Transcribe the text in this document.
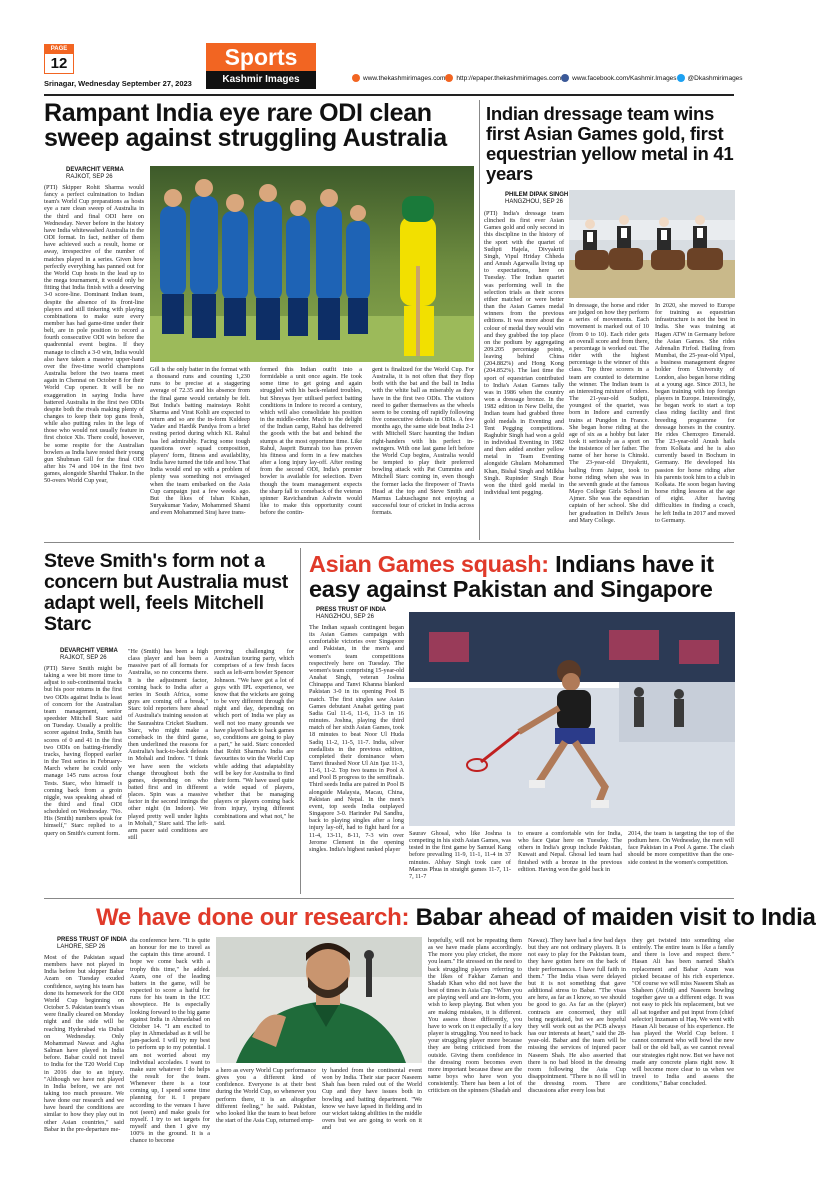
PAGE
12
Srinagar, Wednesday September 27, 2023
Sports
Kashmir Images	www.thekashmirimages.com http://epaper.thekashmirimages.com www.facebook.com/Kashmir.Images @Dkashmirimages
Rampant India eye rare ODI clean sweep against struggling Australia
DEVARCHIT VERMA
RAJKOT, SEP 26
(PTI) Skipper Rohit Sharma would fancy a perfect culmination to Indian team's World Cup preparations as hosts eye a rare clean sweep of Australia in the third and final ODI here on Wednesday. Never before in the history have India whitewashed Australia in the ODI format. In fact, neither of them have achieved such a result, home or away, irrespective of the number of matches played in a series. Given how perfectly everything has panned out for the World Cup hosts in the lead up to the mega tournament, it would only be fitting that India finish with a deserving 3-0 score-line. Dominant Indian team, despite the absence of its front-line players and still tinkering with playing combinations to make sure every member has had game-time under their belt, are in pole position to record a fourth consecutive ODI win before the quadrennial event begins. If they manage to clinch a 3-0 win, India would also have taken a massive upper-hand over the five-time world champions Australia before the two teams meet again in Chennai on October 8 for their World Cup opener. It will be no exaggeration in saying India have battered Australia in the first two ODIs despite both the rivals making plenty of changes to keep their top guns fresh, while also putting rules in the legs of those who would not usually feature in first choice XIs. There could, however, be some respite for the Australian bowlers as India have rested their young gun Shubman Gill for the final ODI after his 74 and 104 in the first two games, alongside Shardul Thakur. In the 50-overs World Cup year,
Gill is the only batter in the format with a thousand runs and counting 1,230 runs to be precise at a staggering average of 72.35 and his absence from the final game would certainly be felt. But India's batting mainstays Rohit Sharma and Virat Kohli are expected to return and so are the in-form Kuldeep Yadav and Hardik Pandya from a brief resting period during which KL Rahul has led admirably. Facing some tough questions over squad composition, players' form, fitness and availability, India have turned the tide and how. That India would end up with a problem of plenty was something not envisaged when the team embarked on the Asia Cup campaign just a few weeks ago. But the likes of Ishan Kishan, Suryakumar Yadav, Mohammed Shami and even Mohammed Siraj have trans-
formed this Indian outfit into a formidable a unit once again. He took some time to get going and again struggled with his back-related troubles, but Shreyas Iyer utilised perfect batting conditions in Indore to record a century, which will also consolidate his position in the middle-order. Much to the delight of the Indian camp, Rahul has delivered the goods with the bat and behind the stumps at the most opportune time. Like Rahul, Jasprit Bumrah too has proven his fitness and form in a few matches after a long injury lay-off. After resting from the second ODI, India's premier bowler is available for selection. Even though the team management expects the sharp fall to comeback of the veteran spinner Ravichandran Ashwin would like to make this opportunity count before the contin-
gent is finalized for the World Cup. For Australia, it is not often that they flop both with the bat and the ball in India with the white ball as miserably as they have in the first two ODIs. The visitors need to gather themselves as the wheels seem to be coming off rapidly following five consecutive defeats in ODIs. A few months ago, the same side beat India 2-1 with Mitchell Starc haunting the Indian right-handers with his perfect in-swingers. With one last game left before the World Cup begins, Australia would be tempted to play their preferred bowling attack with Pat Cummins and Mitchell Starc coming in, even though the former lacks the firepower of Travis Head at the top and Steve Smith and Marnus Labuschagne not enjoying a successful tour of cricket in India across formats.
Indian dressage team wins first Asian Games gold, first equestrian yellow metal in 41 years
PHILEM DIPAK SINGH
HANGZHOU, SEP 26
(PTI) India's dressage team clinched its first ever Asian Games gold and only second in this discipline in the history of the sport with the quartet of Sudipti Hajela, Divyakriti Singh, Vipul Hriday Chheda and Anush Agarwalla living up to expectations, here on Tuesday. The Indian quartet was performing well in the selection trials as their scores either matched or were better than the Asian Games medal winners from the previous editions. It was more about the colour of medal they would win and they grabbed the top place on the podium by aggregating 209.205 percentage points, leaving behind China (204.882%) and Hong Kong (204.852%). The last time the sport of equestrian contributed to India's Asian Games tally was in 1986 when the country won a dressage bronze. In the 1982 edition in New Delhi, the Indian team had grabbed three gold medals in Eventing and Tent Pegging competitions. Raghubir Singh had won a gold in individual Eventing in 1982 and then added another yellow metal in Team Eventing alongside Ghulam Mohammed Khan, Bishal Singh and Milkha Singh. Rupinder Singh Brar won the third gold medal in individual tent pegging.
In dressage, the horse and rider are judged on how they perform a series of movements. Each movement is marked out of 10 (from 0 to 10). Each rider gets an overall score and from there, a percentage is worked out. The rider with the highest percentage is the winner of this class. Top three scorers in a team are counted to determine the winner. The Indian team is an interesting mixture of riders. The 21-year-old Sudipti, youngest of the quartet, was born in Indore and currently trains at Pungdon in France. She began horse riding at the age of six as a hobby but later took it seriously as a sport on the insistence of her father. The name of her horse is Chinski. The 23-year-old Divyakriti, hailing from Jaipur, took to horse riding when she was in the seventh grade at the famous Mayo College Girls School in Ajmer. She was the equestrian captain of her school. She did her graduation in Delhi's Jesus and Mary College.
In 2020, she moved to Europe for training as equestrian infrastructure is not the best in India. She was training at Hagen ATW in Germany before the Asian Games. She rides Adrenalin Firfod. Hailing from Mumbai, the 25-year-old Vipul, a business management degree holder from University of London, also began horse riding at a young age. Since 2013, he began training with top foreign players in Europe. Interestingly, he began work to start a top class riding facility and first breeding programme for dressage horses in the country. He rides Chemxpro Emerald. The 23-year-old Anush hails from Kolkata and he is also currently based in Bochum in Germany. He developed his passion for horse riding after his parents took him to a club in Kolkata. He soon began having horse riding lessons at the age of eight. After having difficulties in finding a coach, he left India in 2017 and moved to Germany.
Steve Smith's form not a concern but Australia must adapt well, feels Mitchell Starc
DEVARCHIT VERMA
RAJKOT, SEP 26
(PTI) Steve Smith might be taking a wee bit more time to adjust to sub-continental tracks but his poor returns in the first two ODIs against India is least of concern for the Australian team management, senior speedster Mitchell Starc said on Tuesday. Usually a prolific scorer against India, Smith has scores of 0 and 41 in the first two ODIs on batting-friendly tracks, having flopped earlier in the Test series in February-March where he could only manage 145 runs across four Tests. Starc, who himself is coming back from a groin niggle, was speaking ahead of the third and final ODI scheduled on Wednesday. "No. His (Smith) numbers speak for himself," Starc replied to a query on Smith's current form.
"He (Smith) has been a high class player and has been a massive part of all formats for Australia, so no concerns there. It is the adjustment factor, coming back to India after a series in South Africa, some guys are coming off a break," Starc told reporters here ahead of Australia's training session at the Saurashtra Cricket Stadium. Starc, who might make a comeback in the third game, then underlined the reasons for Australia's back-to-back defeats in Mohali and Indore. "I think we have seen the wickets change throughout both the games, depending on who batted first and in different places. Spin was a massive factor in the second innings the other night (in Indore). We played pretty well under lights in Mohali," Starc said. The left-arm pacer said conditions are still
proving challenging for Australian touring party, which comprises of a few fresh faces such as left-arm bowler Spencer Johnson. "We have got a lot of guys with IPL experience, we know that the wickets are going to be very different through the night and day, depending on which port of India we play as well not too many grounds we have played back to back games so, conditions are going to play a part," he said. Starc conceded that Rohit Sharma's India are favourites to win the World Cup while adding that adaptability will be key for Australia to find their form. "We have used quite a wide squad of players, whether that be managing players or players coming back from injury, trying different combinations and what not," he said.
Asian Games squash: Indians have it easy against Pakistan and Singapore
PRESS TRUST OF INDIA
HANGZHOU, SEP 26
The Indian squash contingent began its Asian Games campaign with comfortable victories over Singapore and Pakistan, in the men's and women's team competitions respectively here on Tuesday. The women's team comprising 15-year-old Anahat Singh, veteran Joshna Chinappa and Tanvi Khanna blanked Pakistan 3-0 in its opening Pool B match. The first singles saw Asian Games debutant Anahat getting past Sadia Gul 11-6, 11-6, 11-3 in 16 minutes. Joshna, playing the third match of her sixth Asian Games, took 18 minutes to beat Noor Ul Huda Sadiq 11-2, 11-5, 11-7. India, silver medallists in the previous edition, completed their dominance when Tanvi thrashed Noor Ul Ain Ijaz 11-3, 11-6, 11-2. Top two teams in Pool A and Pool B progress to the semifinals. Third seeds India are paired in Pool B alongside Malaysia, Macau, China, Pakistan and Nepal. In the men's event, top seeds India outplayed Singapore 3-0. Harinder Pal Sandhu, back to playing singles after a long injury lay-off, had to fight hard for a 11-4, 13-11, 8-11, 7-3 win over Jerome Clement in the opening singles. India's highest ranked player
Saurav Ghosal, who like Joshna is competing in his sixth Asian Games, was tested in the first game by Samuel Kang before prevailing 11-9, 11-1, 11-4 in 37 minutes. Abhay Singh took care of Marcus Phua in straight games 11-7, 11-7, 11-7
to ensure a comfortable win for India, who face Qatar here on Tuesday. The others in India's group include Pakistan, Kuwait and Nepal. Ghosal led team had finished with a bronze in the previous edition. Having won the gold back in
2014, the team is targeting the top of the podium here. On Wednesday, the men will face Pakistan in a Pool A game. The clash should be more competitive than the one-side contest in the women's competition.
We have done our research: Babar ahead of maiden visit to India
PRESS TRUST OF INDIA
LAHORE, SEP 26
Most of the Pakistan squad members have not played in India before but skipper Babar Azam on Tuesday exuded confidence, saying his team has done its homework for the ODI World Cup beginning on October 5. Pakistan team's visas were finally cleared on Monday night and the side will be reaching Hyderabad via Dubai on Wednesday. Only Mohammad Nawaz and Agha Salman have played in India before. Babar could not travel to India for the T20 World Cup in 2016 due to an injury. "Although we have not played in India before, we are not taking too much pressure. We have done our research and we have heard the conditions are similar to how they play out in other Asian countries," said Babar in the pre-departure me-
dia conference here. "It is quite an honour for me to travel as the captain this time around. I hope we come back with a trophy this time," he added. Azam, one of the leading batters in the game, will be expected to score a hatful for runs for his team in the ICC showpiece. He is especially looking forward to the big game against India in Ahmedabad on October 14. "I am excited to play in Ahmedabad as it will be jam-packed. I will try my best to perform up to my potential. I am not worried about my individual accolades. I want to make sure whatever I do helps the result for the team. Whenever there is a tour coming up, I spend some time planning for it. I prepare according to the venues I have not (seen) and make goals for myself. I try to set targets for myself and then I give my 100% in the ground. It is a chance to become
a hero as every World Cup performance gives you a different kind of confidence. Everyone is at their best during the World Cup, so whenever you perform there, it is an altogether different feeling," he said. Pakistan, who looked like the team to beat before the start of the Asia Cup, returned emp-
ty handed from the continental event won by India. Their star pacer Naseem Shah has been ruled out of the World Cup and they have issues both in bowling and batting department. "We know we have lapsed in fielding and in our wicket taking abilities in the middle overs but we are going to work on it and
hopefully, will not be repeating them as we have made plans accordingly. The more you play cricket, the more you learn." He stressed on the need to back struggling players referring to the likes of Fakhar Zaman and Shadab Khan who did not have the best of times in Asia Cup. "When you are playing well and are in-form, you wish to keep playing. But when you are making mistakes, it is different. You assess those differently, you have to work on it especially if a key player is struggling. You need to back your struggling player more because they are being criticised from the outside. Giving them confidence in the dressing room becomes even more important because these are the same boys who have won you consistently. There has been a lot of criticism on the spinners (Shadab and
Nawaz). They have had a few bad days but they are not ordinary players. It is not easy to play for the Pakistan team, they have gotten here on the back of their performances. I have full faith in them." The India visas were delayed but it is not something that gave additional stress to Babar. "The visas are here, as far as I know, so we should be good to go. As far as the (player) contracts are concerned, they still being negotiated, but we are hopeful they will work out as the PCB always has our interests at heart," said the 28-year-old. Babar and the team will be missing the services of injured pacer Naseem Shah. He also asserted that there is no bad blood in the dressing room following the Asia Cup disappointment. "There is no ill will in the dressing room. There are discussions after every loss but
they get twisted into something else entirely. The entire team is like a family and there is love and respect there." Hasan Ali has been named Shah's replacement and Babar Azam was picked because of his rich experience. "Of course we will miss Naseem Shah as Shaheen (Afridi) and Naseem bowling together gave us a different edge. It was not easy to pick his replacement, but we all sat together and put input from (chief selector) Inzamam ul Haq. We went with Hasan Ali because of his experience. He has played the World Cup before. I cannot comment who will bowl the new ball or the old ball, as we cannot reveal our strategies right now. But we have not made any concrete plans right now. It will become more clear to us when we travel to India and assess the conditions," Babar concluded.
